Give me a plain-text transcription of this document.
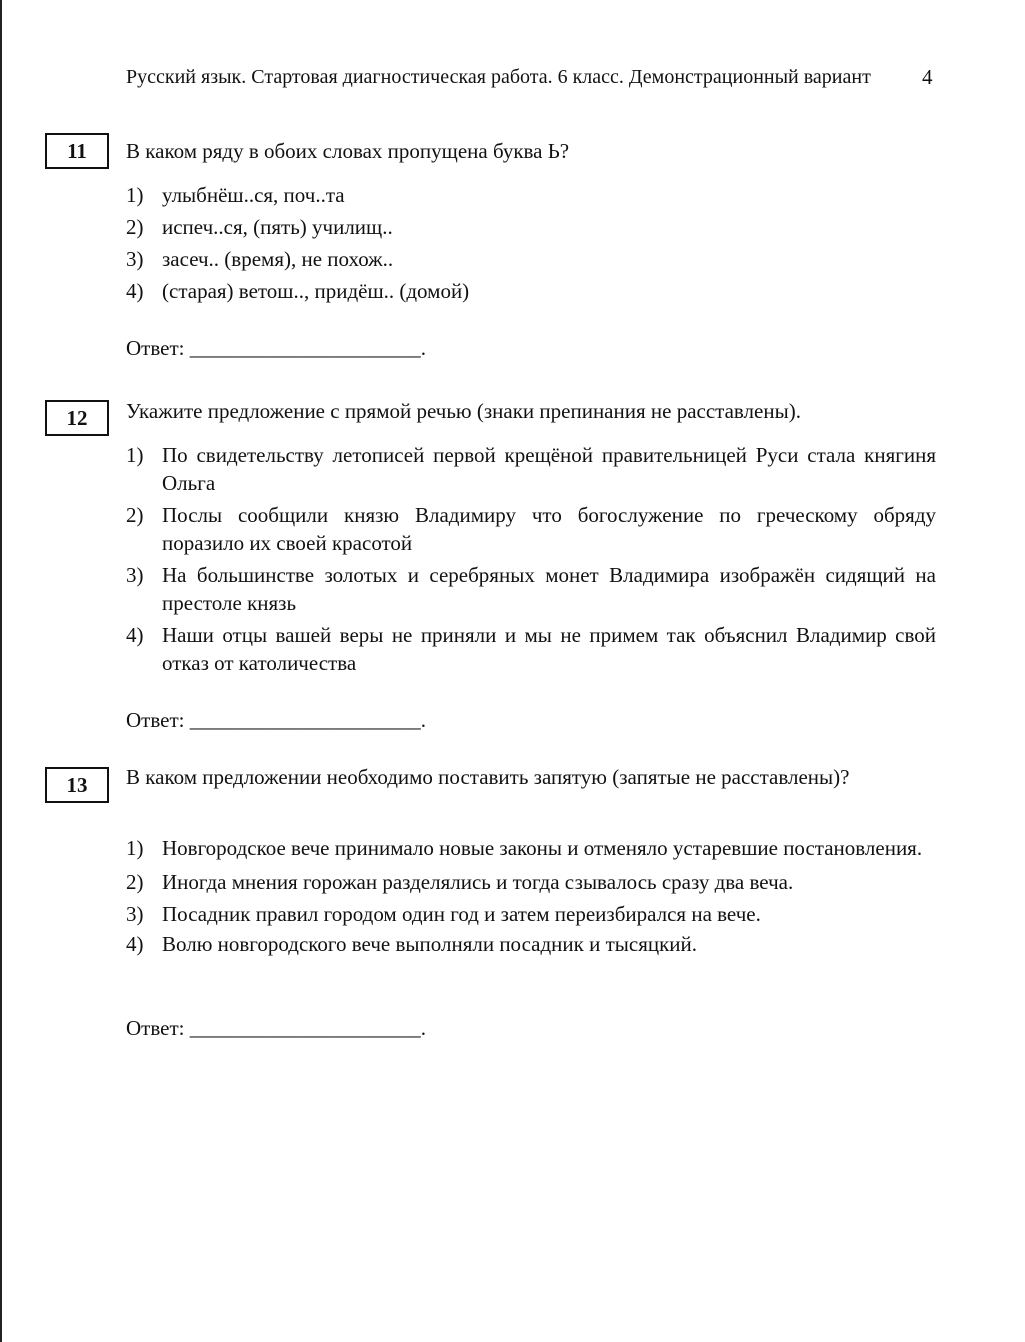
Русский язык. Стартовая диагностическая работа. 6 класс. Демонстрационный вариант 4
11	В каком ряду в обоих словах пропущена буква Ь?
1) улыбнёш..ся, поч..та
2) испеч..ся, (пять) училищ..
3) засеч.. (время), не похож..
4) (старая) ветош.., придёш.. (домой)
Ответ: ______________________.
12	Укажите предложение с прямой речью (знаки препинания не расставлены).
1) По свидетельству летописей первой крещёной правительницей Руси стала княгиня Ольга
2) Послы сообщили князю Владимиру что богослужение по греческому обряду поразило их своей красотой
3) На большинстве золотых и серебряных монет Владимира изображён сидящий на престоле князь
4) Наши отцы вашей веры не приняли и мы не примем так объяснил Владимир свой отказ от католичества
Ответ: ______________________.
13	В каком предложении необходимо поставить запятую (запятые не расставлены)?
1) Новгородское вече принимало новые законы и отменяло устаревшие постановления.
2) Иногда мнения горожан разделялись и тогда сзывалось сразу два веча.
3) Посадник правил городом один год и затем переизбирался на вече.
4) Волю новгородского вече выполняли посадник и тысяцкий.
Ответ: ______________________.
